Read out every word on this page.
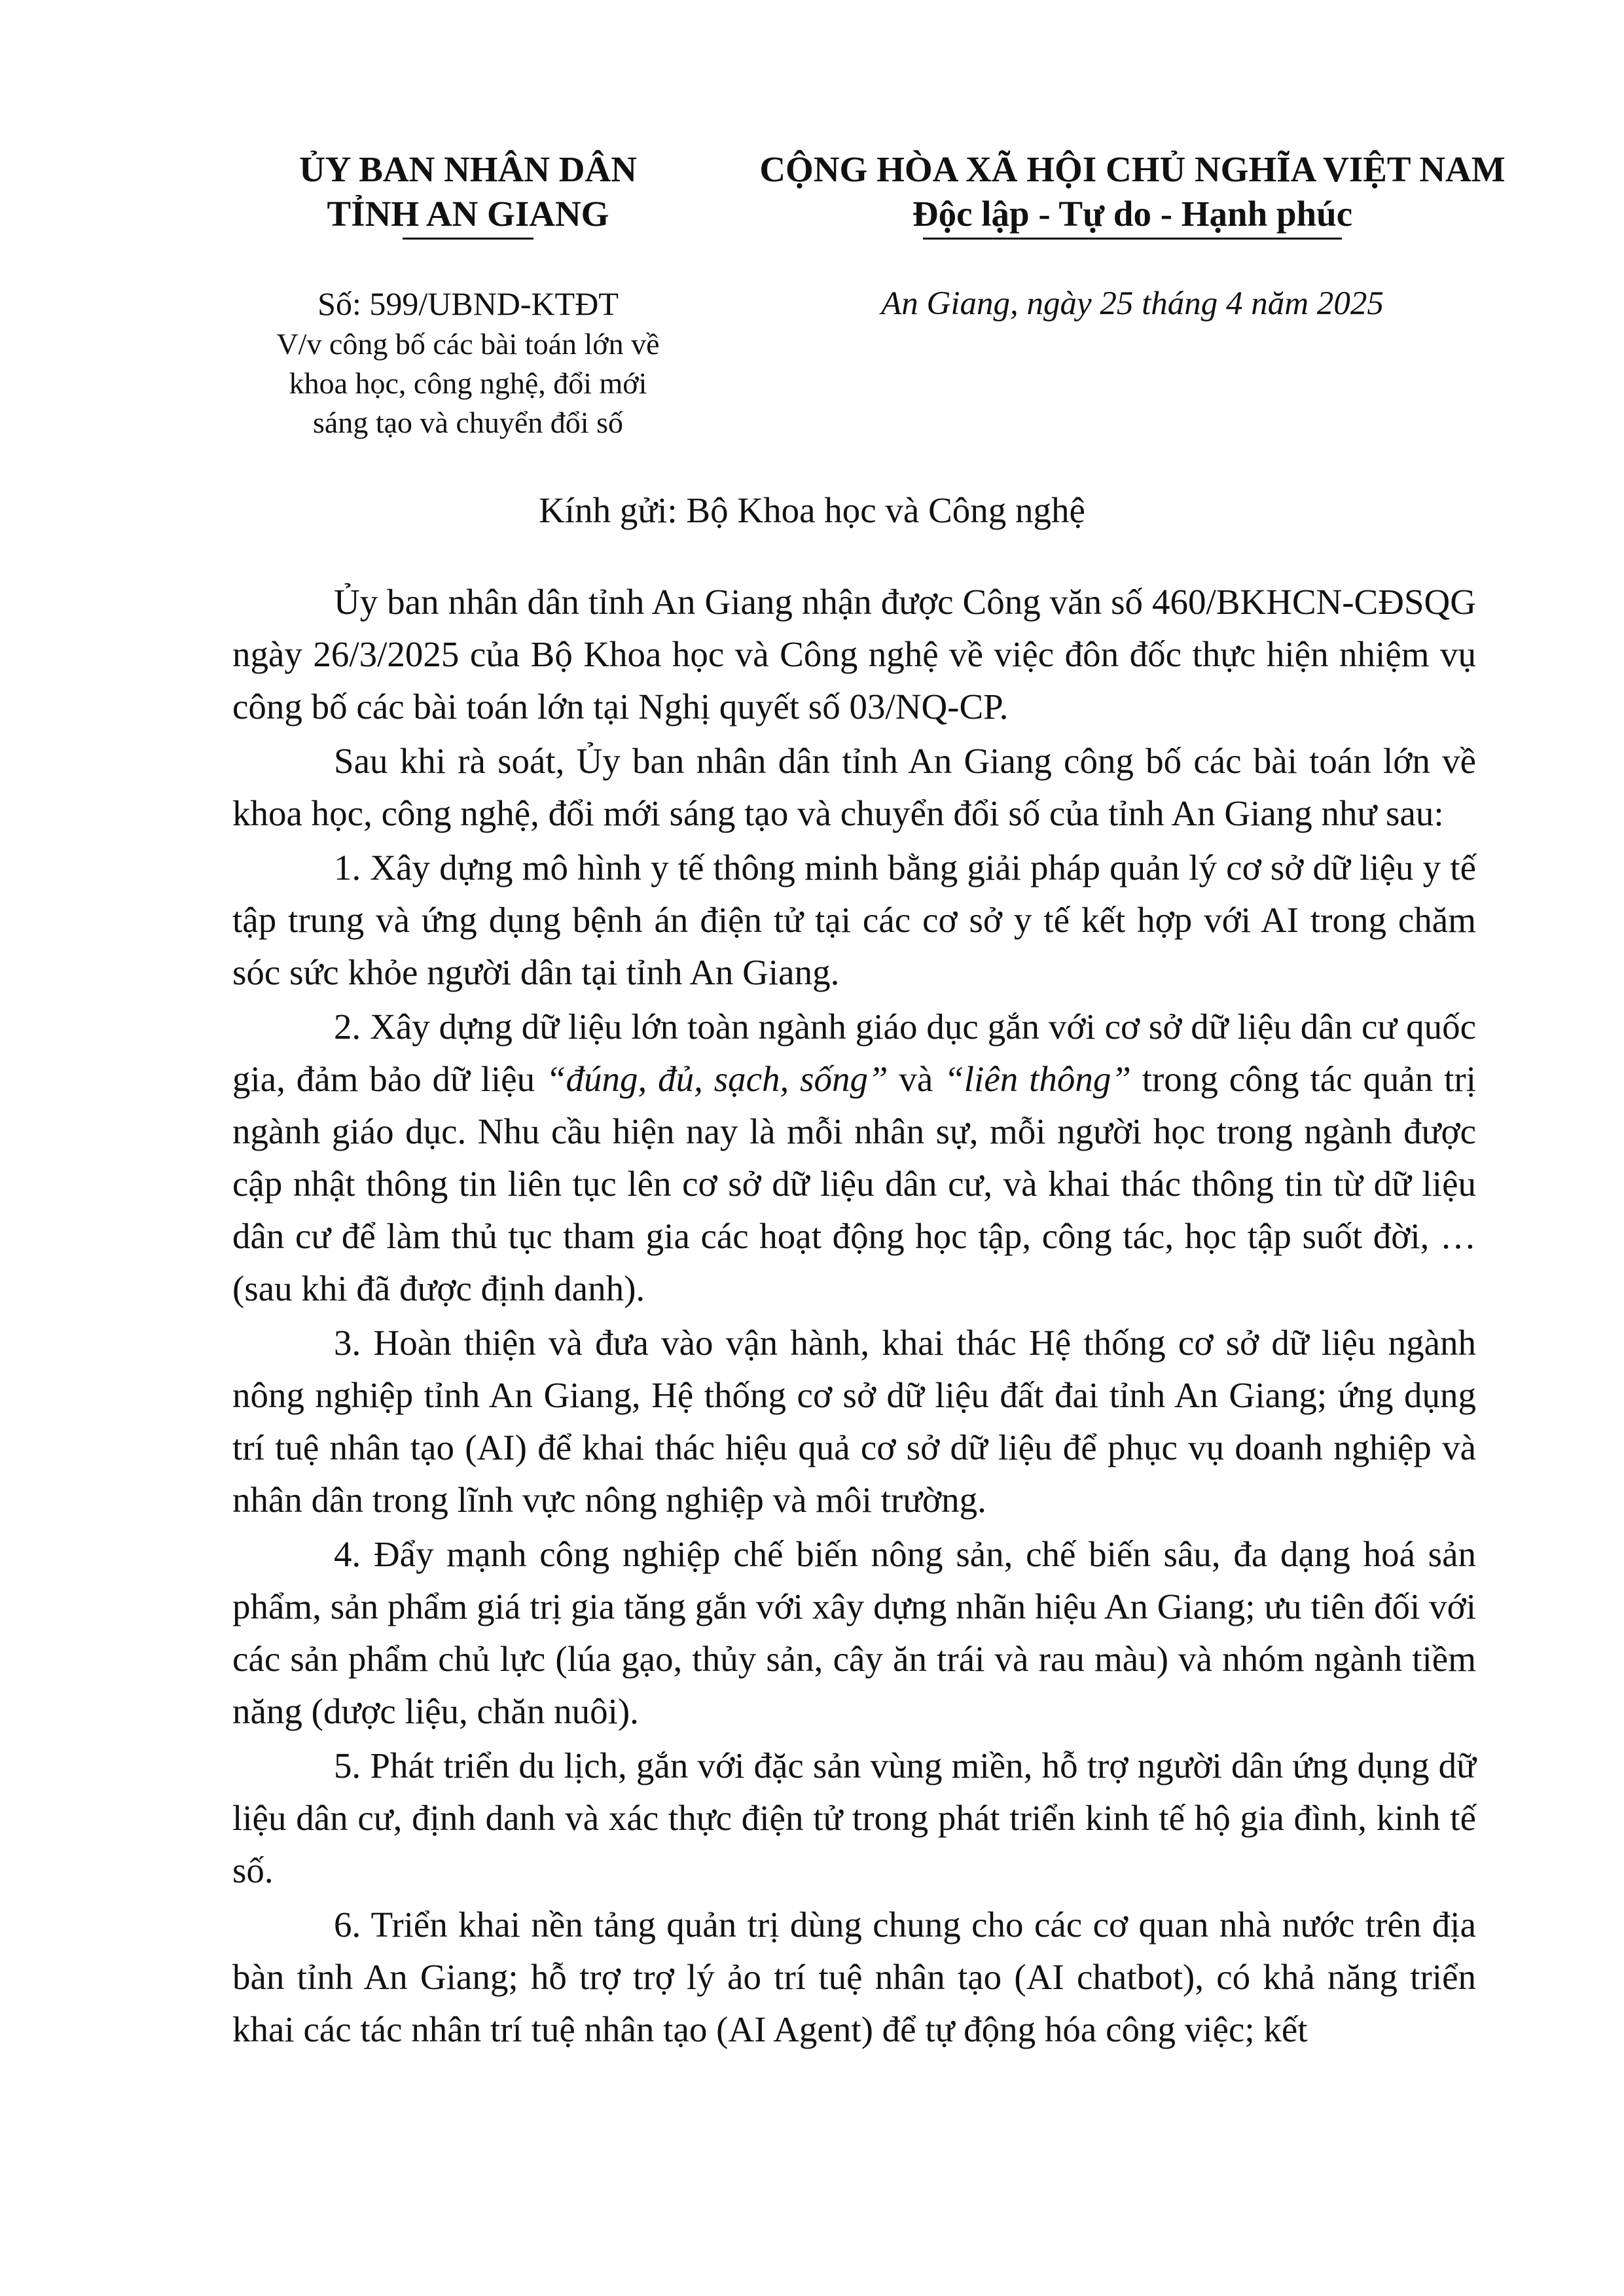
ỦY BAN NHÂN DÂN
TỈNH AN GIANG
CỘNG HÒA XÃ HỘI CHỦ NGHĨA VIỆT NAM
Độc lập - Tự do - Hạnh phúc
Số: 599/UBND-KTĐT
V/v công bố các bài toán lớn về
khoa học, công nghệ, đổi mới
sáng tạo và chuyển đổi số
An Giang, ngày 25 tháng 4 năm 2025
Kính gửi: Bộ Khoa học và Công nghệ

Ủy ban nhân dân tỉnh An Giang nhận được Công văn số 460/BKHCN-CĐSQG ngày 26/3/2025 của Bộ Khoa học và Công nghệ về việc đôn đốc thực hiện nhiệm vụ công bố các bài toán lớn tại Nghị quyết số 03/NQ-CP.

Sau khi rà soát, Ủy ban nhân dân tỉnh An Giang công bố các bài toán lớn về khoa học, công nghệ, đổi mới sáng tạo và chuyển đổi số của tỉnh An Giang như sau:

1. Xây dựng mô hình y tế thông minh bằng giải pháp quản lý cơ sở dữ liệu y tế tập trung và ứng dụng bệnh án điện tử tại các cơ sở y tế kết hợp với AI trong chăm sóc sức khỏe người dân tại tỉnh An Giang.

2. Xây dựng dữ liệu lớn toàn ngành giáo dục gắn với cơ sở dữ liệu dân cư quốc gia, đảm bảo dữ liệu “đúng, đủ, sạch, sống” và “liên thông” trong công tác quản trị ngành giáo dục. Nhu cầu hiện nay là mỗi nhân sự, mỗi người học trong ngành được cập nhật thông tin liên tục lên cơ sở dữ liệu dân cư, và khai thác thông tin từ dữ liệu dân cư để làm thủ tục tham gia các hoạt động học tập, công tác, học tập suốt đời, … (sau khi đã được định danh).

3. Hoàn thiện và đưa vào vận hành, khai thác Hệ thống cơ sở dữ liệu ngành nông nghiệp tỉnh An Giang, Hệ thống cơ sở dữ liệu đất đai tỉnh An Giang; ứng dụng trí tuệ nhân tạo (AI) để khai thác hiệu quả cơ sở dữ liệu để phục vụ doanh nghiệp và nhân dân trong lĩnh vực nông nghiệp và môi trường.

4. Đẩy mạnh công nghiệp chế biến nông sản, chế biến sâu, đa dạng hoá sản phẩm, sản phẩm giá trị gia tăng gắn với xây dựng nhãn hiệu An Giang; ưu tiên đối với các sản phẩm chủ lực (lúa gạo, thủy sản, cây ăn trái và rau màu) và nhóm ngành tiềm năng (dược liệu, chăn nuôi).

5. Phát triển du lịch, gắn với đặc sản vùng miền, hỗ trợ người dân ứng dụng dữ liệu dân cư, định danh và xác thực điện tử trong phát triển kinh tế hộ gia đình, kinh tế số.

6. Triển khai nền tảng quản trị dùng chung cho các cơ quan nhà nước trên địa bàn tỉnh An Giang; hỗ trợ trợ lý ảo trí tuệ nhân tạo (AI chatbot), có khả năng triển khai các tác nhân trí tuệ nhân tạo (AI Agent) để tự động hóa công việc; kết
